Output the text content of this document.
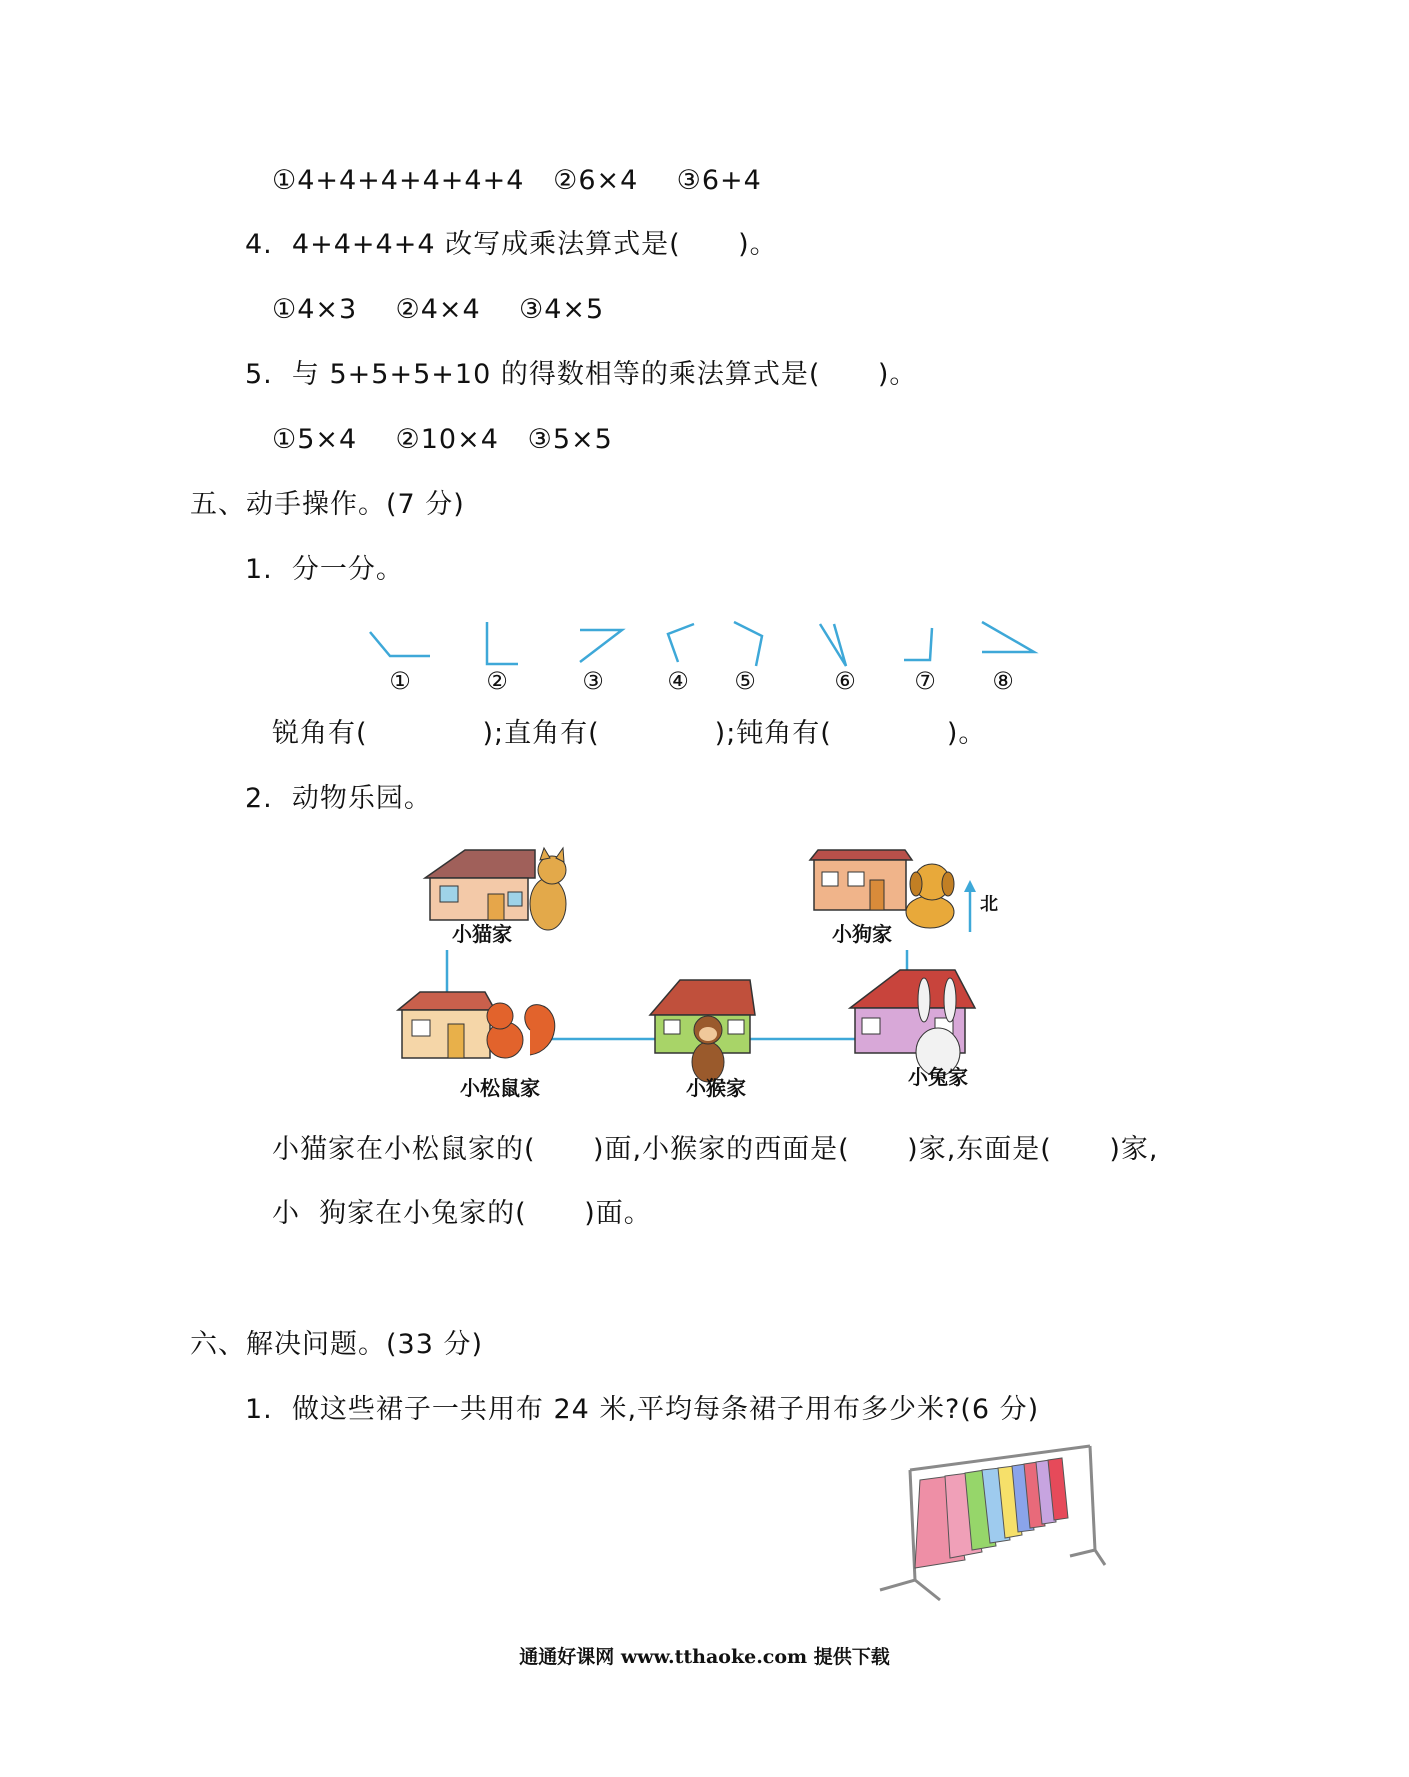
①4+4+4+4+4+4   ②6×4    ③6+4
4.  4+4+4+4 改写成乘法算式是(      )。
①4×3    ②4×4    ③4×5
5.  与 5+5+5+10 的得数相等的乘法算式是(      )。
①5×4    ②10×4   ③5×5
五、动手操作。(7 分)
1.  分一分。
①	②	③	④ ⑤	⑥ ⑦ ⑧
锐角有(            );直角有(            );钝角有(            )。
2.  动物乐园。
北
小猫家	小狗家
小松鼠家	小猴家	小兔家
小猫家在小松鼠家的(      )面,小猴家的西面是(      )家,东面是(      )家,
小  狗家在小兔家的(      )面。
六、解决问题。(33 分)
1.  做这些裙子一共用布 24 米,平均每条裙子用布多少米?(6 分)
通通好课网 www.tthaoke.com 提供下载
